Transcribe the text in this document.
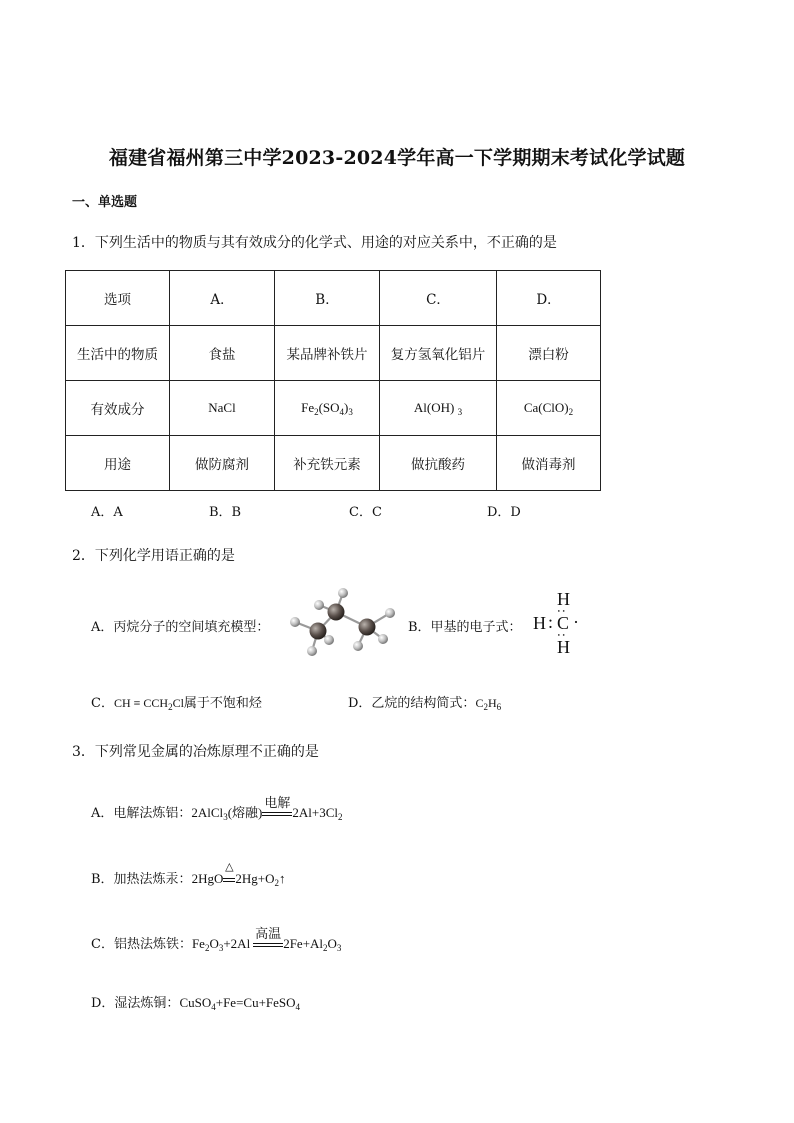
福建省福州第三中学2023-2024学年高一下学期期末考试化学试题
一、单选题
1．下列生活中的物质与其有效成分的化学式、用途的对应关系中，不正确的是
选项	A．	B．	C．	D．
生活中的物质	食盐	某品牌补铁片	复方氢氧化铝片	漂白粉
有效成分	NaCl	$Fe_2(SO_4)_3$	Al(OH) $_3$	$Ca(ClO)_2$
用途	做防腐剂	补充铁元素	做抗酸药	做消毒剂
A．A	B．B	C．C	D．D
2．下列化学用语正确的是
A．丙烷分子的空间填充模型：	B．甲基的电子式：
H
:
H : C ·
:
H
C．CH ≡ $CCH_2Cl$属于不饱和烃	D．乙烷的结构简式：$C_2H_6$
3．下列常见金属的冶炼原理不正确的是
A．电解法炼铝：2AlCl$_3$(熔融)
电解
$2Al+3Cl_2$
B．加热法炼汞：2HgO
△
$2Hg+O_2↑$
C．铝热法炼铁：$Fe_2O_3+2Al$
高温
$2Fe+Al_2O_3$
D．湿法炼铜：CuSO$_4$+Fe=Cu+FeSO$_4$
